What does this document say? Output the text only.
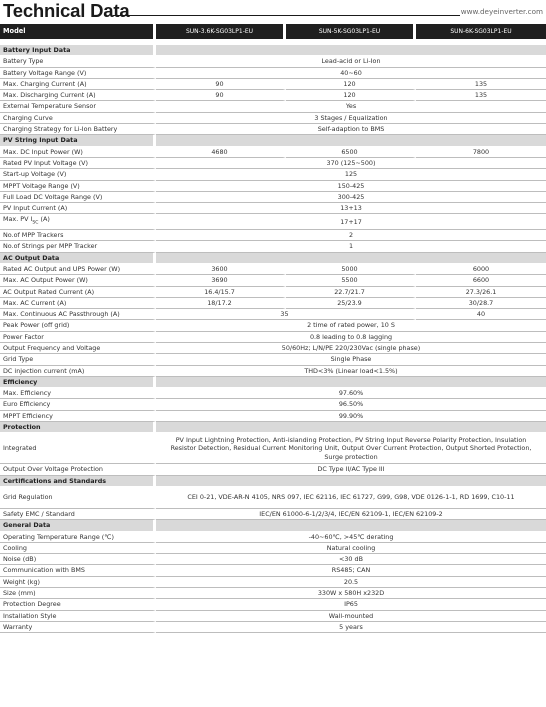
Technical Data	www.deyeinverter.com
Model	SUN-3.6K-SG03LP1-EU	SUN-5K-SG03LP1-EU	SUN-6K-SG03LP1-EU

Battery Input Data			
Battery Type	Lead-acid or Li-Ion		
Battery Voltage Range (V)	40~60		
Max. Charging Current (A)	90	120	135
Max. Discharging Current (A)	90	120	135
External Temperature Sensor	Yes		
Charging Curve	3 Stages / Equalization		
Charging Strategy for Li-Ion Battery	Self-adaption to BMS		
PV String Input Data			
Max. DC Input Power (W)	4680	6500	7800
Rated PV Input Voltage (V)	370 (125~500)		
Start-up Voltage (V)	125		
MPPT Voltage Range (V)	150-425		
Full Load DC Voltage Range (V)	300-425		
PV Input Current (A)	13+13		
Max. PV $I_{SC}$ (A)	17+17		
No.of MPP Trackers	2		
No.of Strings per MPP Tracker	1		
AC Output Data			
Rated AC Output and UPS Power (W)	3600	5000	6000
Max. AC Output Power (W)	3690	5500	6600
AC Output Rated Current (A)	16.4/15.7	22.7/21.7	27.3/26.1
Max. AC Current (A)	18/17.2	25/23.9	30/28.7
Max. Continuous AC Passthrough (A)	35		40
Peak Power (off grid)	2 time of rated power, 10 S		
Power Factor	0.8 leading to 0.8 lagging		
Output Frequency and Voltage	50/60Hz; L/N/PE 220/230Vac (single phase)		
Grid Type	Single Phase		
DC injection current (mA)	THD<3% (Linear load<1.5%)		
Efficiency			
Max. Efficiency	97.60%		
Euro Efficiency	96.50%		
MPPT Efficiency	99.90%		
Protection			
Integrated	PV Input Lightning Protection, Anti-islanding Protection, PV String Input Reverse Polarity Protection, Insulation Resistor Detection, Residual Current Monitoring Unit, Output Over Current Protection, Output Shorted Protection, Surge protection		
Output Over Voltage Protection	DC Type II/AC Type III		
Certifications and Standards			
Grid Regulation	CEI 0-21, VDE-AR-N 4105, NRS 097, IEC 62116, IEC 61727, G99, G98, VDE 0126-1-1, RD 1699, C10-11		
Safety EMC / Standard	IEC/EN 61000-6-1/2/3/4, IEC/EN 62109-1, IEC/EN 62109-2		
General Data			
Operating Temperature Range (℃)	-40~60℃, >45℃ derating		
Cooling	Natural cooling		
Noise (dB)	<30 dB		
Communication with BMS	RS485; CAN		
Weight (kg)	20.5		
Size (mm)	330W x 580H x232D		
Protection Degree	IP65		
Installation Style	Wall-mounted		
Warranty	5 years		
